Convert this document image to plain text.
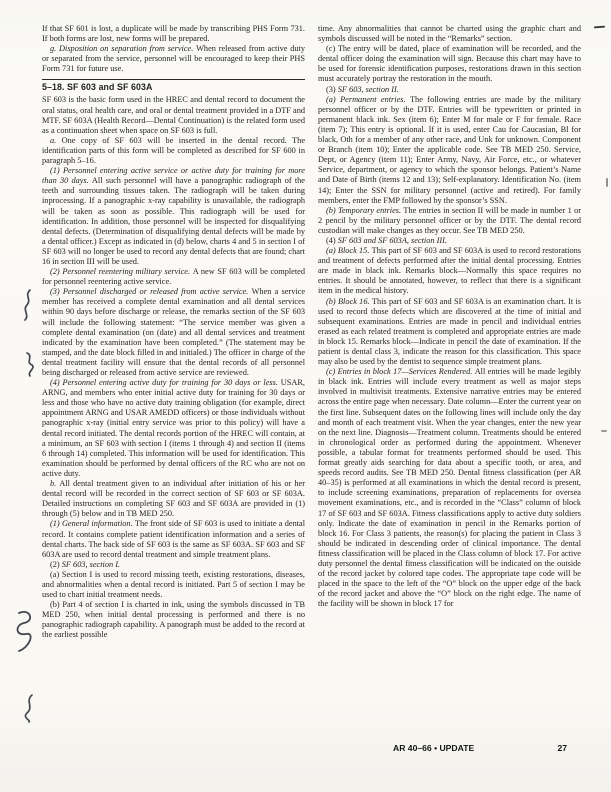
If that SF 601 is lost, a duplicate will be made by transcribing PHS Form 731. If both forms are lost, new forms will be prepared.
g. Disposition on separation from service. When released from active duty or separated from the service, personnel will be encouraged to keep their PHS Form 731 for future use.
5–18. SF 603 and SF 603A
SF 603 is the basic form used in the HREC and dental record to document the oral status, oral health care, and oral or dental treatment provided in a DTF and MTF. SF 603A (Health Record—Dental Continuation) is the related form used as a continuation sheet when space on SF 603 is full.
a. One copy of SF 603 will be inserted in the dental record. The identification parts of this form will be completed as described for SF 600 in paragraph 5–16.
(1) Personnel entering active service or active duty for training for more than 30 days. All such personnel will have a panographic radiograph of the teeth and surrounding tissues taken. The radiograph will be taken during inprocessing. If a panographic x-ray capability is unavailable, the radiograph will be taken as soon as possible. This radiograph will be used for identification. In addition, those personnel will be inspected for disqualifying dental defects. (Determination of disqualifying dental defects will be made by a dental officer.) Except as indicated in (d) below, charts 4 and 5 in section I of SF 603 will no longer be used to record any dental defects that are found; chart 16 in section III will be used.
(2) Personnel reentering military service. A new SF 603 will be completed for personnel reentering active service.
(3) Personnel discharged or released from active service. When a service member has received a complete dental examination and all dental services within 90 days before discharge or release, the remarks section of the SF 603 will include the following statement: “The service member was given a complete dental examination (on (date) and all dental services and treatment indicated by the examination have been completed.” (The statement may be stamped, and the date block filled in and initialed.) The officer in charge of the dental treatment facility will ensure that the dental records of all personnel being discharged or released from active service are reviewed.
(4) Personnel entering active duty for training for 30 days or less. USAR, ARNG, and members who enter initial active duty for training for 30 days or less and those who have no active duty training obligation (for example, direct appointment ARNG and USAR AMEDD officers) or those individuals without panographic x-ray (initial entry service was prior to this policy) will have a dental record initiated. The dental records portion of the HREC will contain, at a minimum, an SF 603 with section I (items 1 through 4) and section II (items 6 through 14) completed. This information will be used for identification. This examination should be performed by dental officers of the RC who are not on active duty.
b. All dental treatment given to an individual after initiation of his or her dental record will be recorded in the correct section of SF 603 or SF 603A. Detailed instructions on completing SF 603 and SF 603A are provided in (1) through (5) below and in TB MED 250.
(1) General information. The front side of SF 603 is used to initiate a dental record. It contains complete patient identification information and a series of dental charts. The back side of SF 603 is the same as SF 603A. SF 603 and SF 603A are used to record dental treatment and simple treatment plans.
(2) SF 603, section I.
(a) Section I is used to record missing teeth, existing restorations, diseases, and abnormalities when a dental record is initiated. Part 5 of section I may be used to chart initial treatment needs.
(b) Part 4 of section I is charted in ink, using the symbols discussed in TB MED 250, when initial dental processing is performed and there is no panographic radiograph capability. A panograph must be added to the record at the earliest possible
time. Any abnormalities that cannot be charted using the graphic chart and symbols discussed will be noted in the “Remarks” section.
(c) The entry will be dated, place of examination will be recorded, and the dental officer doing the examination will sign. Because this chart may have to be used for forensic identification purposes, restorations drawn in this section must accurately portray the restoration in the mouth.
(3) SF 603, section II.
(a) Permanent entries. The following entries are made by the military personnel officer or by the DTF. Entries will be typewritten or printed in permanent black ink. Sex (item 6); Enter M for male or F for female. Race (item 7); This entry is optional. If it is used, enter Cau for Caucasian, Bl for black, Oth for a member of any other race, and Unk for unknown. Component or Branch (item 10); Enter the applicable code. See TB MED 250. Service, Dept, or Agency (item 11); Enter Army, Navy, Air Force, etc., or whatever Service, department, or agency to which the sponsor belongs. Patient’s Name and Date of Birth (items 12 and 13); Self-explanatory. Identification No. (item 14); Enter the SSN for military personnel (active and retired). For family members, enter the FMP followed by the sponsor’s SSN.
(b) Temporary entries. The entries in section II will be made in number 1 or 2 pencil by the military personnel officer or by the DTF. The dental record custodian will make changes as they occur. See TB MED 250.
(4) SF 603 and SF 603A, section III.
(a) Block 15. This part of SF 603 and SF 603A is used to record restorations and treatment of defects performed after the initial dental processing. Entries are made in black ink. Remarks block—Normally this space requires no entries. It should be annotated, however, to reflect that there is a significant item in the medical history.
(b) Block 16. This part of SF 603 and SF 603A is an examination chart. It is used to record those defects which are discovered at the time of initial and subsequent examinations. Entries are made in pencil and individual entries erased as each related treatment is completed and appropriate entries are made in block 15. Remarks block—Indicate in pencil the date of examination. If the patient is dental class 3, indicate the reason for this classification. This space may also be used by the dentist to sequence simple treatment plans.
(c) Entries in block 17—Services Rendered. All entries will be made legibly in black ink. Entries will include every treatment as well as major steps involved in multivisit treatments. Extensive narrative entries may be entered across the entire page when necessary. Date column—Enter the current year on the first line. Subsequent dates on the following lines will include only the day and month of each treatment visit. When the year changes, enter the new year on the next line. Diagnosis—Treatment column. Treatments should be entered in chronological order as performed during the appointment. Whenever possible, a tabular format for treatments performed should be used. This format greatly aids searching for data about a specific tooth, or area, and speeds record audits. See TB MED 250. Dental fitness classification (per AR 40–35) is performed at all examinations in which the dental record is present, to include screening examinations, preparation of replacements for oversea movement examinations, etc., and is recorded in the “Class” column of block 17 of SF 603 and SF 603A. Fitness classifications apply to active duty soldiers only. Indicate the date of examination in pencil in the Remarks portion of block 16. For Class 3 patients, the reason(s) for placing the patient in Class 3 should be indicated in descending order of clinical importance. The dental fitness classification will be placed in the Class column of block 17. For active duty personnel the dental fitness classification will be indicated on the outside of the record jacket by colored tape codes. The appropriate tape code will be placed in the space to the left of the “O” block on the upper edge of the back of the record jacket and above the “O” block on the right edge. The name of the facility will be shown in block 17 for
AR 40–66 • UPDATE	27
